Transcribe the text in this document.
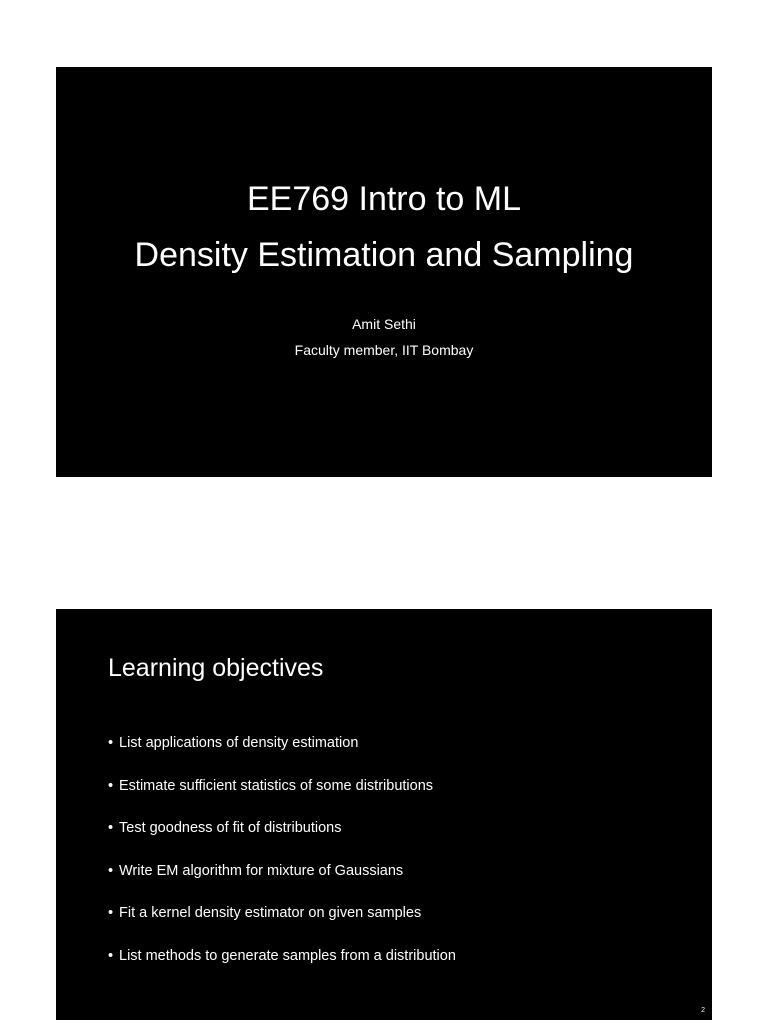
EE769 Intro to ML
Density Estimation and Sampling
Amit Sethi
Faculty member, IIT Bombay
Learning objectives
• List applications of density estimation
• Estimate sufficient statistics of some distributions
• Test goodness of fit of distributions
• Write EM algorithm for mixture of Gaussians
• Fit a kernel density estimator on given samples
• List methods to generate samples from a distribution
2
